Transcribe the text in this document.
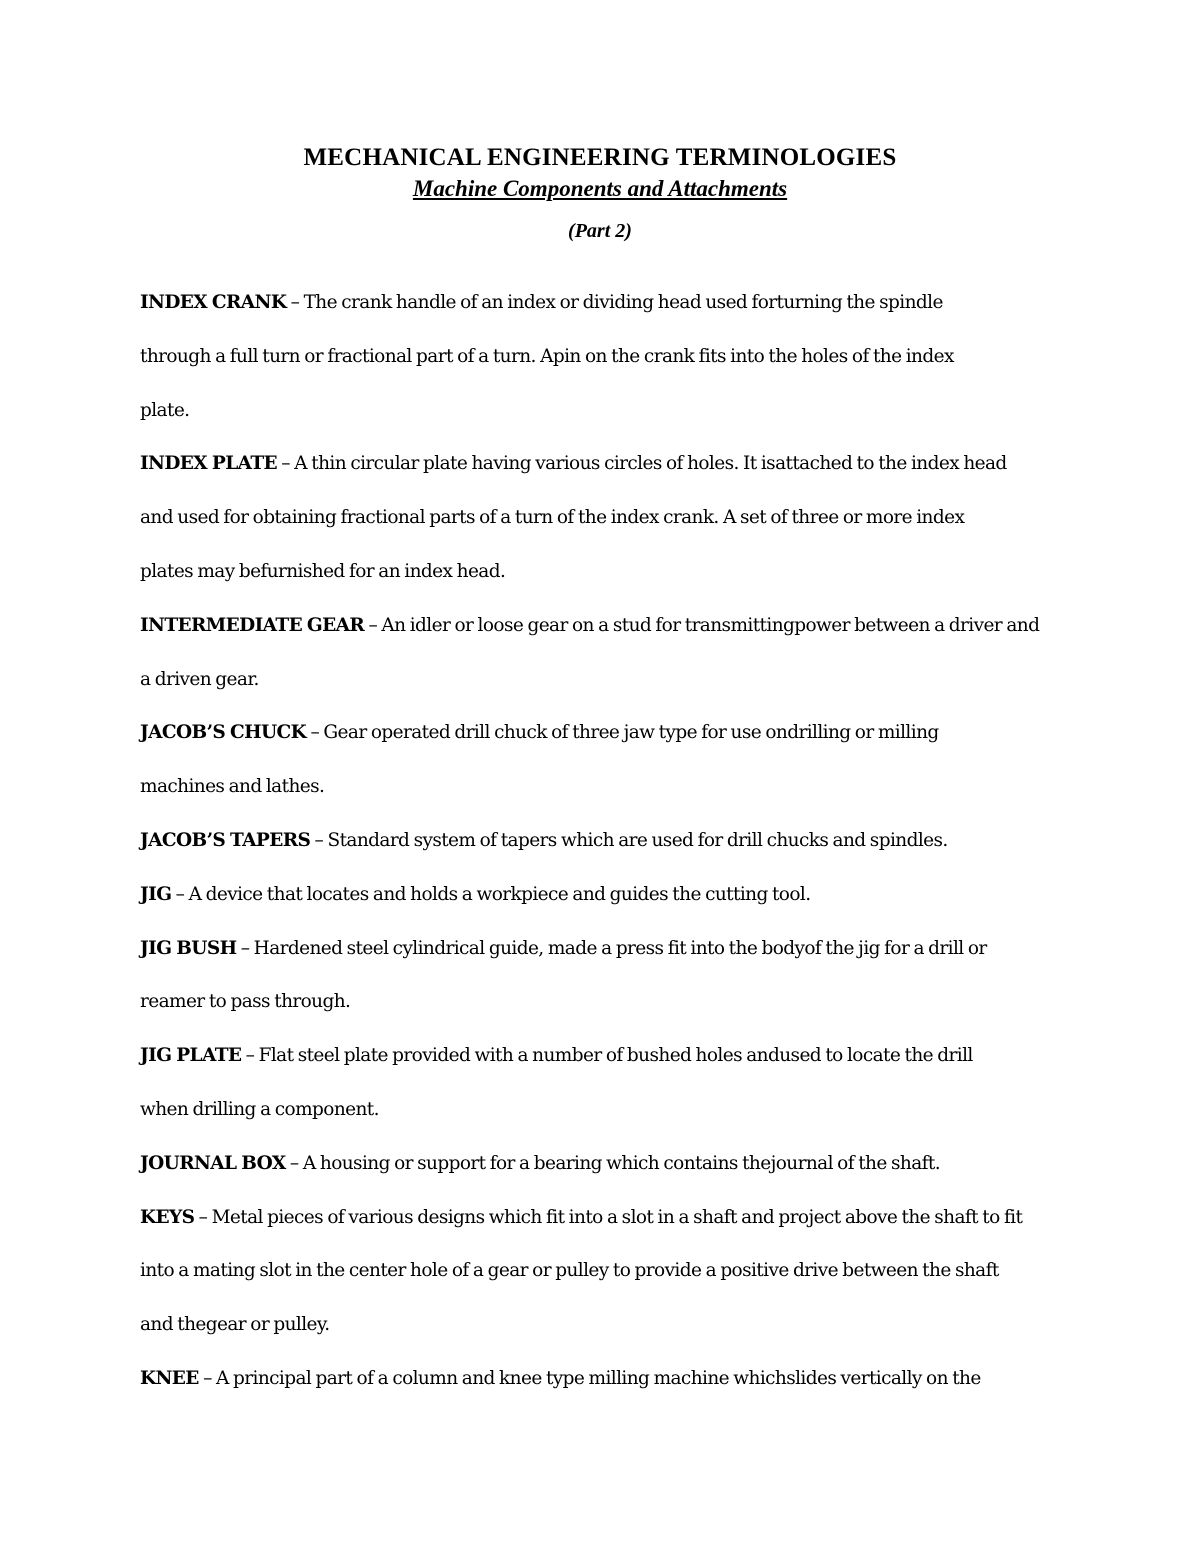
MECHANICAL ENGINEERING TERMINOLOGIES
Machine Components and Attachments
(Part 2)
INDEX CRANK – The crank handle of an index or dividing head used forturning the spindle
through a full turn or fractional part of a turn. Apin on the crank fits into the holes of the index
plate.
INDEX PLATE – A thin circular plate having various circles of holes. It isattached to the index head
and used for obtaining fractional parts of a turn of the index crank. A set of three or more index
plates may befurnished for an index head.
INTERMEDIATE GEAR – An idler or loose gear on a stud for transmittingpower between a driver and
a driven gear.
JACOB’S CHUCK – Gear operated drill chuck of three jaw type for use ondrilling or milling
machines and lathes.
JACOB’S TAPERS – Standard system of tapers which are used for drill chucks and spindles.
JIG – A device that locates and holds a workpiece and guides the cutting tool.
JIG BUSH – Hardened steel cylindrical guide, made a press fit into the bodyof the jig for a drill or
reamer to pass through.
JIG PLATE – Flat steel plate provided with a number of bushed holes andused to locate the drill
when drilling a component.
JOURNAL BOX – A housing or support for a bearing which contains thejournal of the shaft.
KEYS – Metal pieces of various designs which fit into a slot in a shaft and project above the shaft to fit
into a mating slot in the center hole of a gear or pulley to provide a positive drive between the shaft
and thegear or pulley.
KNEE – A principal part of a column and knee type milling machine whichslides vertically on the
